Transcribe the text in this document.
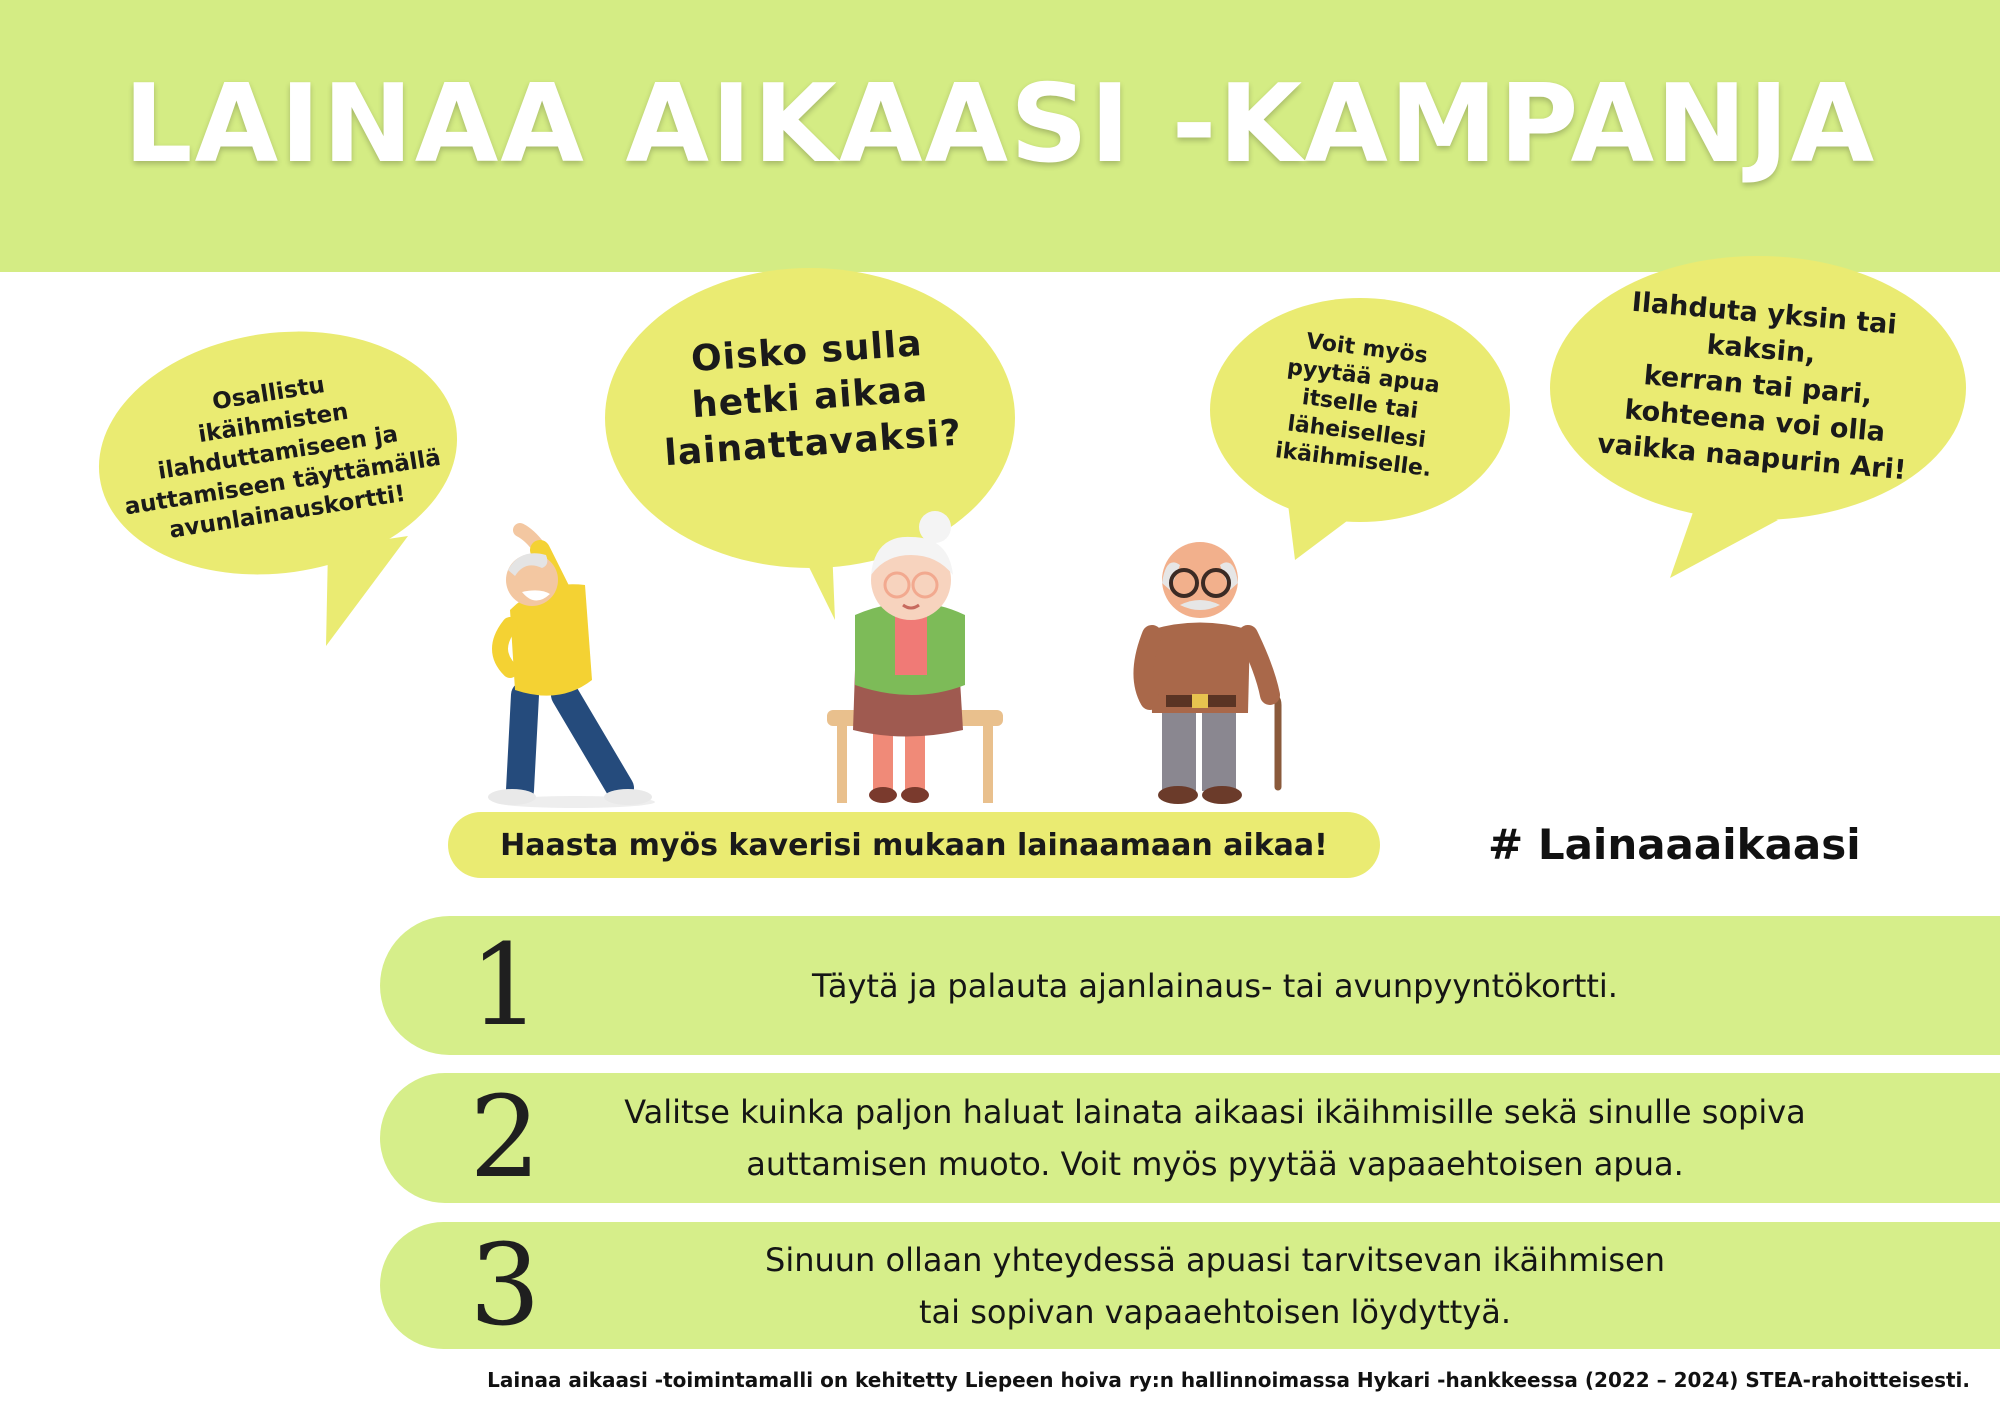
LAINAA AIKAASI -KAMPANJA
Osallistu
ikäihmisten
ilahduttamiseen ja
auttamiseen täyttämällä
avunlainauskortti!
Oisko sulla
hetki aikaa
lainattavaksi?
Voit myös
pyytää apua
itselle tai
läheisellesi
ikäihmiselle.
Ilahduta yksin tai
kaksin,
kerran tai pari,
kohteena voi olla
vaikka naapurin Ari!
Haasta myös kaverisi mukaan lainaamaan aikaa!	# Lainaaaikaasi
1	Täytä ja palauta ajanlainaus- tai avunpyyntökortti.
2	Valitse kuinka paljon haluat lainata aikaasi ikäihmisille sekä sinulle sopiva
auttamisen muoto. Voit myös pyytää vapaaehtoisen apua.
3	Sinuun ollaan yhteydessä apuasi tarvitsevan ikäihmisen
tai sopivan vapaaehtoisen löydyttyä.
Lainaa aikaasi -toimintamalli on kehitetty Liepeen hoiva ry:n hallinnoimassa Hykari -hankkeessa (2022 – 2024) STEA-rahoitteisesti.
